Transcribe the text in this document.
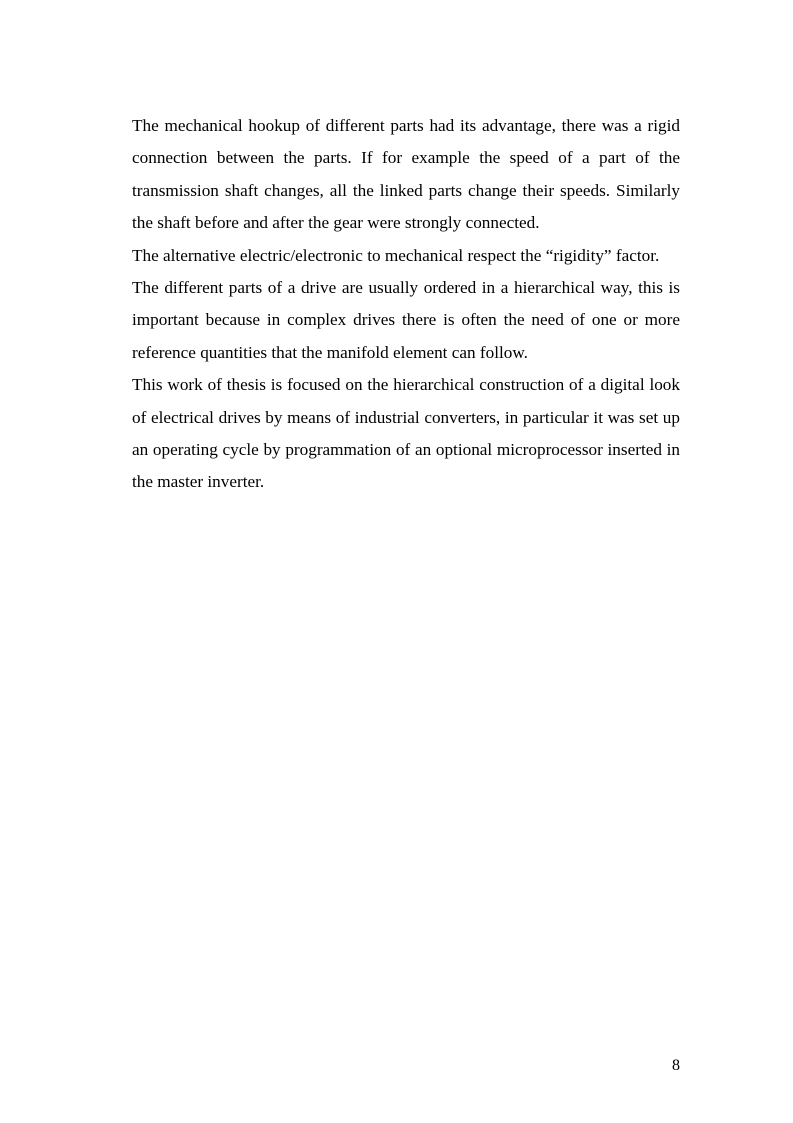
The mechanical hookup of different parts had its advantage, there was a rigid connection between the parts. If for example the speed of a part of the transmission shaft changes, all the linked parts change their speeds. Similarly the shaft before and after the gear were strongly connected.

The alternative electric/electronic to mechanical respect the “rigidity” factor.

The different parts of a drive are usually ordered in a hierarchical way, this is important because in complex drives there is often the need of one or more reference quantities that the manifold element can follow.

This work of thesis is focused on the hierarchical construction of a digital look of electrical drives by means of industrial converters, in particular it was set up an operating cycle by programmation of an optional microprocessor inserted in the master inverter.

8
